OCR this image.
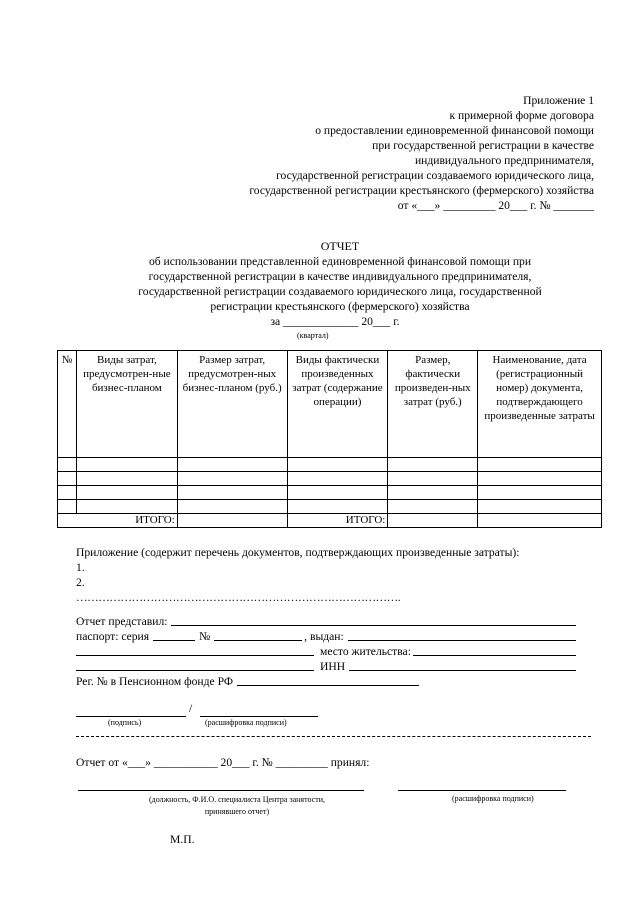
Приложение 1
к примерной форме договора
о предоставлении единовременной финансовой помощи
при государственной регистрации в качестве
индивидуального предпринимателя,
государственной регистрации создаваемого юридического лица,
государственной регистрации крестьянского (фермерского) хозяйства
от «___» _________ 20___ г. № _______
ОТЧЕТ
об использовании представленной единовременной финансовой помощи при
государственной регистрации в качестве индивидуального предпринимателя,
государственной регистрации создаваемого юридического лица, государственной
регистрации крестьянского (фермерского) хозяйства
за _____________ 20___ г.
(квартал)
№	Виды затрат, предусмотрен-ные бизнес-планом	Размер затрат, предусмотрен-ных бизнес-планом (руб.)	Виды фактически произведенных затрат (содержание операции)	Размер, фактически произведен-ных затрат (руб.)	Наименование, дата (регистрационный номер) документа, подтверждающего произведенные затраты

ИТОГО:			ИТОГО:		
Приложение (содержит перечень документов, подтверждающих произведенные затраты):
1.
2.
…………………………………………………………………………….
Отчет представил:
паспорт: серия	№	, выдан:
место жительства:
ИНН
Рег. № в Пенсионном фонде РФ
/
(подпись)	(расшифровка подписи)
Отчет от «___» ___________ 20___ г. № _________ принял:
(должность, Ф.И.О. специалиста Центра занятости,
принявшего отчет)
(расшифровка подписи)
М.П.
